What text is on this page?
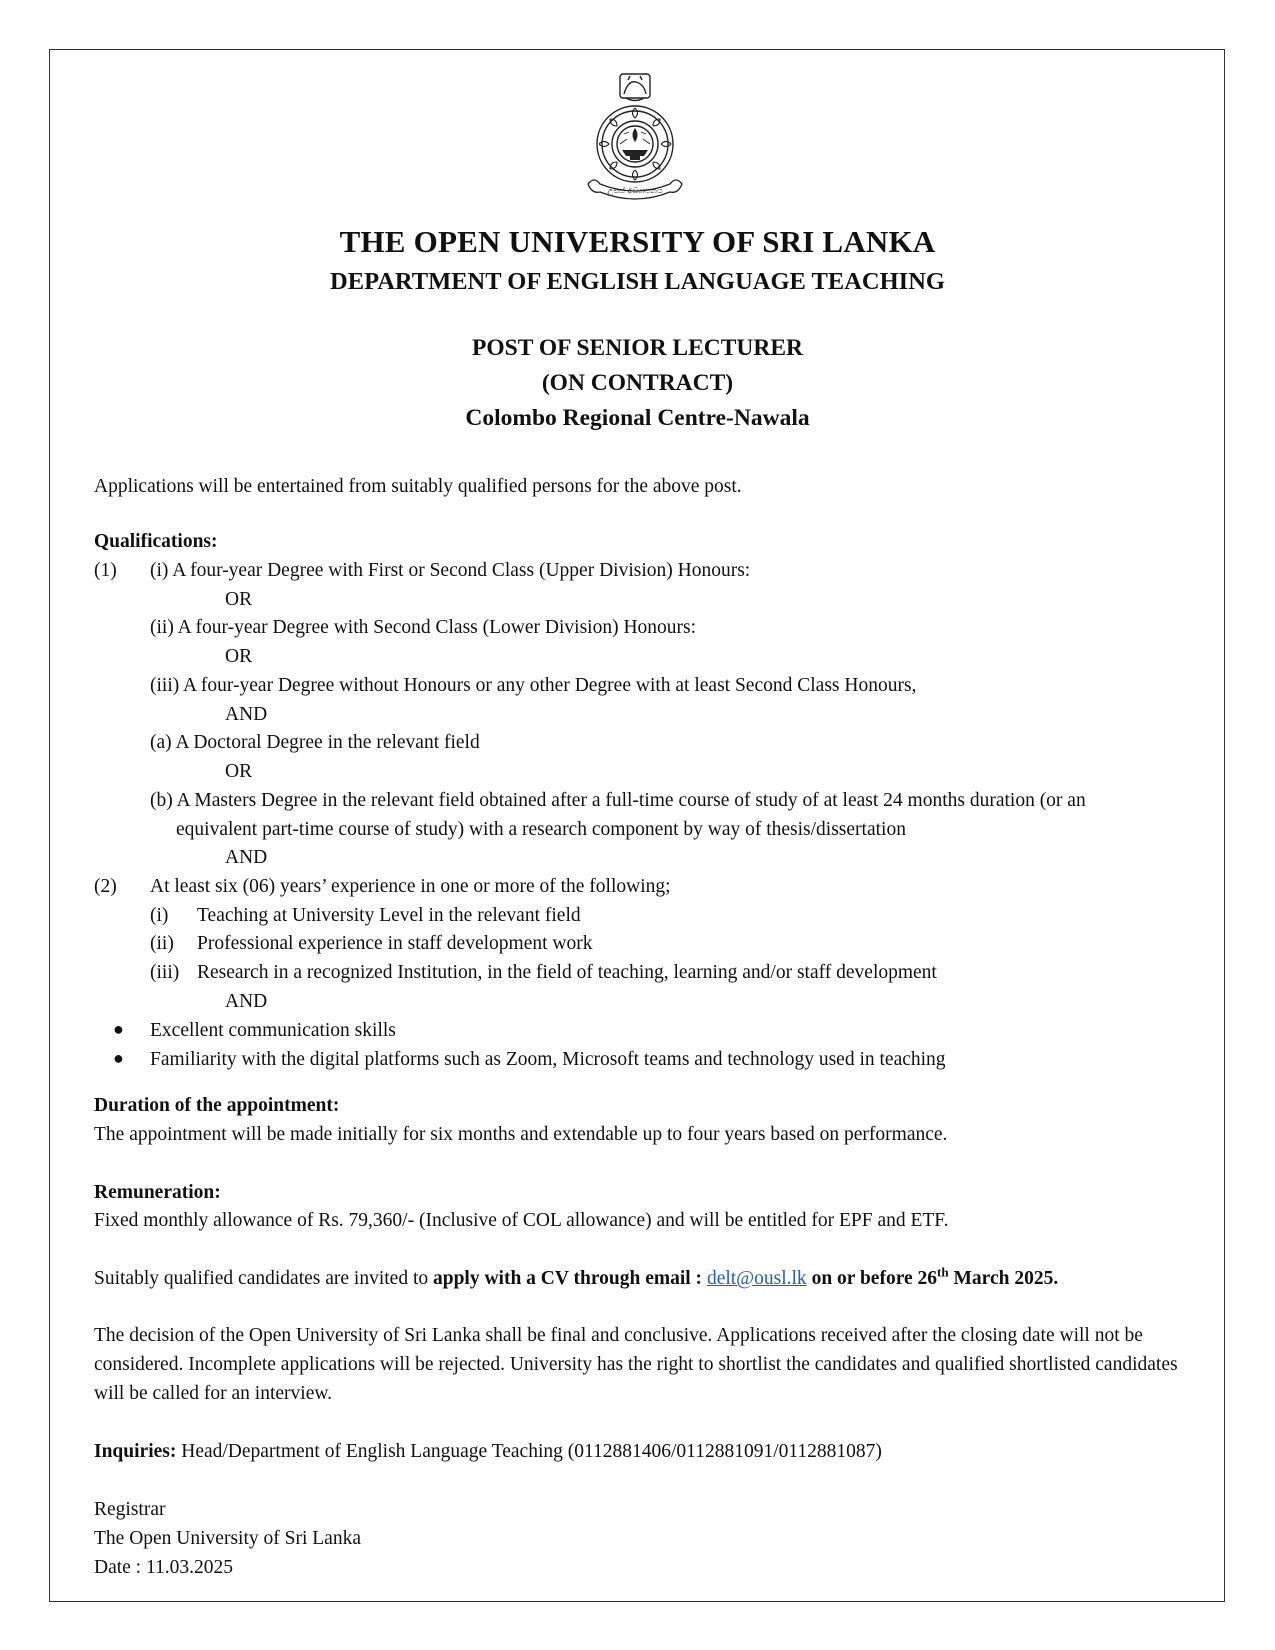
උසස් අධ්‍යාපනය
THE OPEN UNIVERSITY OF SRI LANKA
DEPARTMENT OF ENGLISH LANGUAGE TEACHING
POST OF SENIOR LECTURER
(ON CONTRACT)
Colombo Regional Centre-Nawala
Applications will be entertained from suitably qualified persons for the above post.
Qualifications:
(1) (i) A four-year Degree with First or Second Class (Upper Division) Honours:
OR
(ii) A four-year Degree with Second Class (Lower Division) Honours:
OR
(iii) A four-year Degree without Honours or any other Degree with at least Second Class Honours,
AND
(a) A Doctoral Degree in the relevant field
OR
(b) A Masters Degree in the relevant field obtained after a full-time course of study of at least 24 months duration (or an
equivalent part-time course of study) with a research component by way of thesis/dissertation
AND
(2) At least six (06) years’ experience in one or more of the following;
(i) Teaching at University Level in the relevant field
(ii) Professional experience in staff development work
(iii) Research in a recognized Institution, in the field of teaching, learning and/or staff development
AND
● Excellent communication skills
● Familiarity with the digital platforms such as Zoom, Microsoft teams and technology used in teaching
Duration of the appointment:
The appointment will be made initially for six months and extendable up to four years based on performance.
Remuneration:
Fixed monthly allowance of Rs. 79,360/- (Inclusive of COL allowance) and will be entitled for EPF and ETF.
Suitably qualified candidates are invited to apply with a CV through email : delt@ousl.lk on or before 26th March 2025.
The decision of the Open University of Sri Lanka shall be final and conclusive. Applications received after the closing date will not be considered. Incomplete applications will be rejected. University has the right to shortlist the candidates and qualified shortlisted candidates will be called for an interview.
Inquiries: Head/Department of English Language Teaching (0112881406/0112881091/0112881087)
Registrar
The Open University of Sri Lanka
Date : 11.03.2025
